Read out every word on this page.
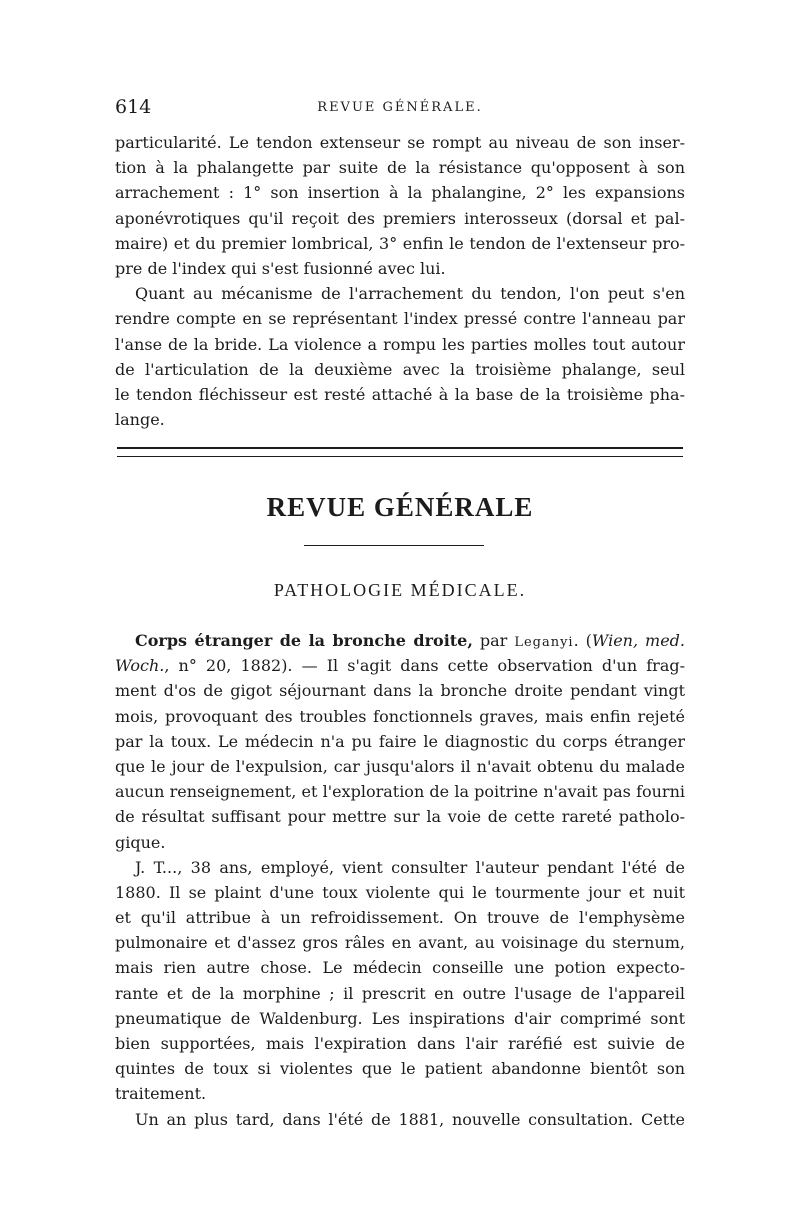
614	REVUE GÉNÉRALE.
particularité. Le tendon extenseur se rompt au niveau de son inser-
tion à la phalangette par suite de la résistance qu'opposent à son
arrachement : 1° son insertion à la phalangine, 2° les expansions
aponévrotiques qu'il reçoit des premiers interosseux (dorsal et pal-
maire) et du premier lombrical, 3° enfin le tendon de l'extenseur pro-
pre de l'index qui s'est fusionné avec lui.
Quant au mécanisme de l'arrachement du tendon, l'on peut s'en
rendre compte en se représentant l'index pressé contre l'anneau par
l'anse de la bride. La violence a rompu les parties molles tout autour
de l'articulation de la deuxième avec la troisième phalange, seul
le tendon fléchisseur est resté attaché à la base de la troisième pha-
lange.
REVUE GÉNÉRALE
PATHOLOGIE MÉDICALE.
Corps étranger de la bronche droite, par Leganyi. (Wien, med.
Woch., n° 20, 1882). — Il s'agit dans cette observation d'un frag-
ment d'os de gigot séjournant dans la bronche droite pendant vingt
mois, provoquant des troubles fonctionnels graves, mais enfin rejeté
par la toux. Le médecin n'a pu faire le diagnostic du corps étranger
que le jour de l'expulsion, car jusqu'alors il n'avait obtenu du malade
aucun renseignement, et l'exploration de la poitrine n'avait pas fourni
de résultat suffisant pour mettre sur la voie de cette rareté patholo-
gique.
J. T..., 38 ans, employé, vient consulter l'auteur pendant l'été de
1880. Il se plaint d'une toux violente qui le tourmente jour et nuit
et qu'il attribue à un refroidissement. On trouve de l'emphysème
pulmonaire et d'assez gros râles en avant, au voisinage du sternum,
mais rien autre chose. Le médecin conseille une potion expecto-
rante et de la morphine ; il prescrit en outre l'usage de l'appareil
pneumatique de Waldenburg. Les inspirations d'air comprimé sont
bien supportées, mais l'expiration dans l'air raréfié est suivie de
quintes de toux si violentes que le patient abandonne bientôt son
traitement.
Un an plus tard, dans l'été de 1881, nouvelle consultation. Cette
